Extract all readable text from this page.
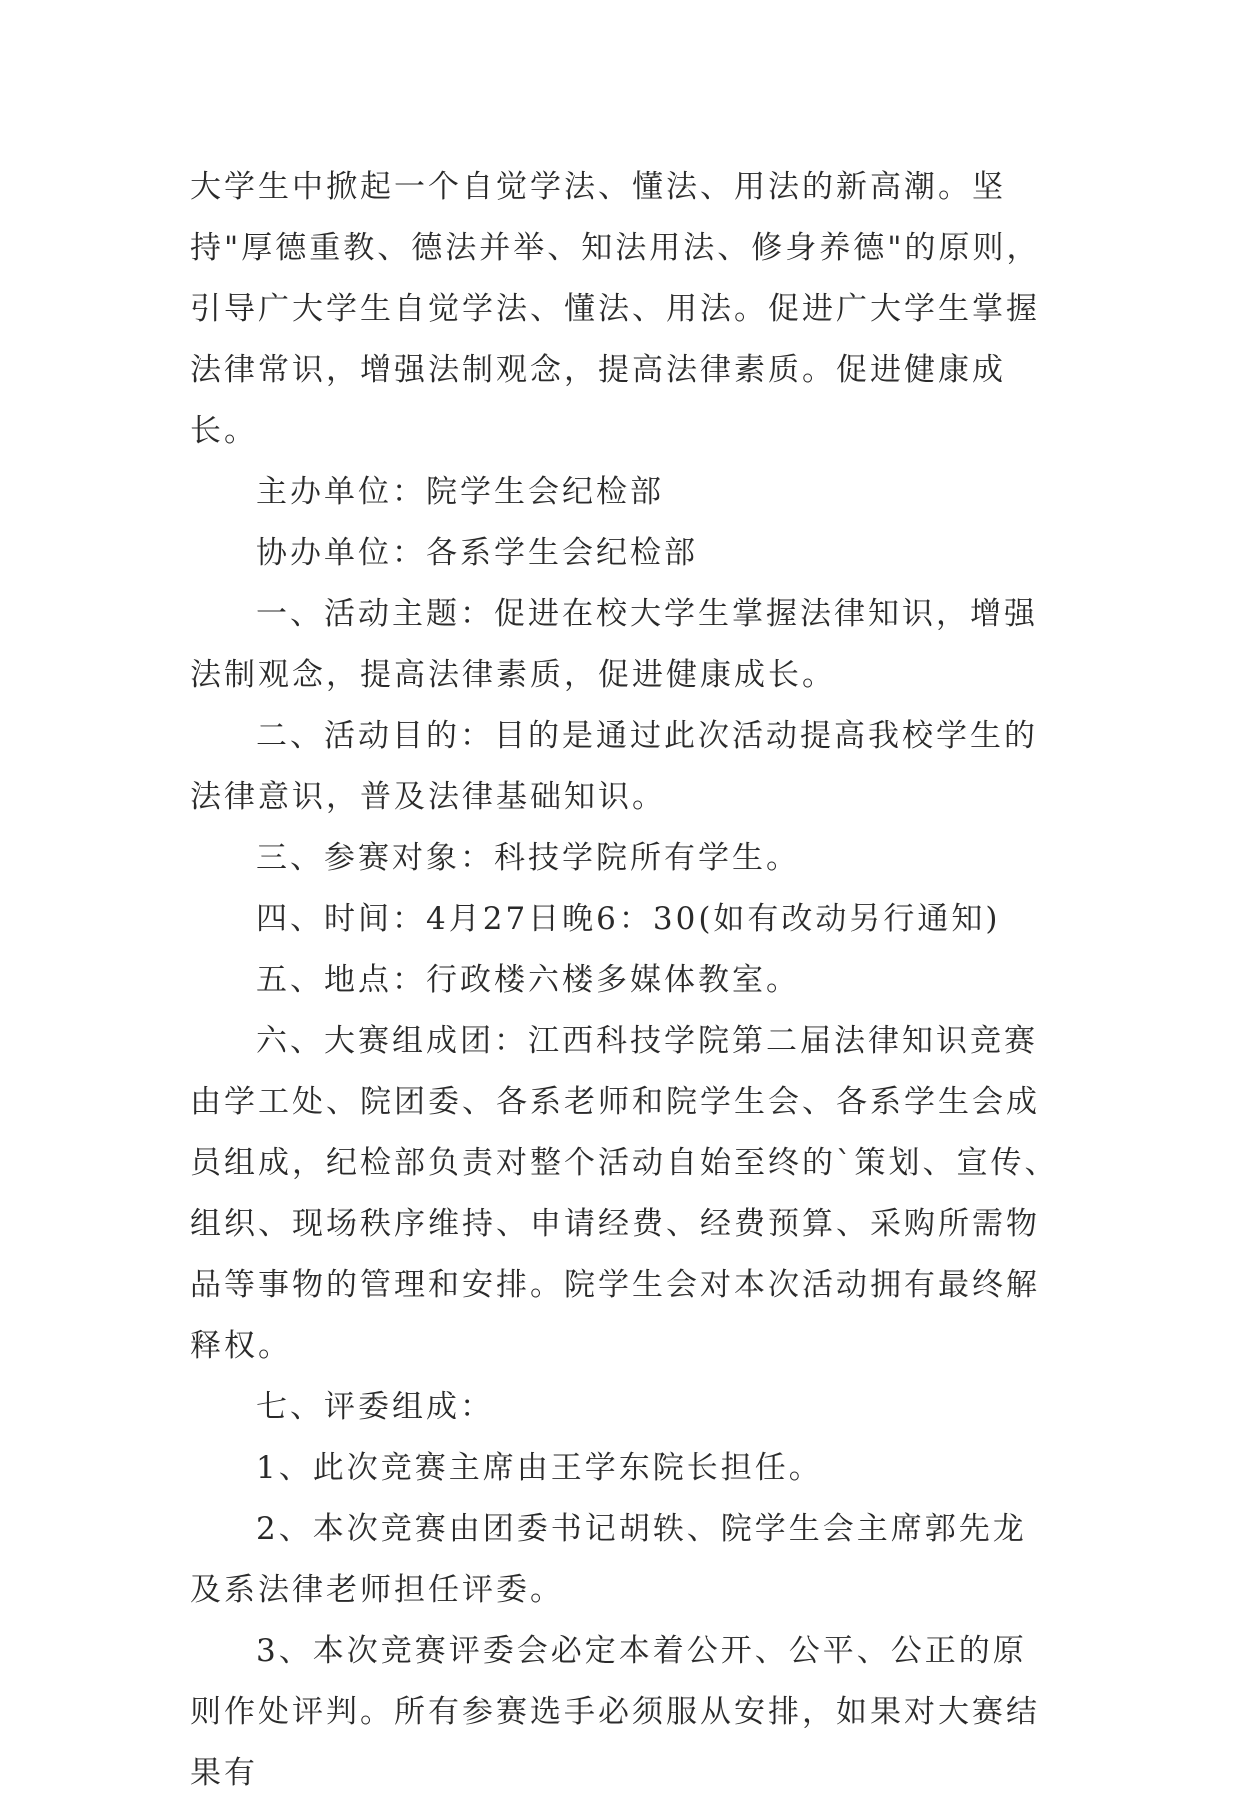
大学生中掀起一个自觉学法、懂法、用法的新高潮。坚持"厚德重教、德法并举、知法用法、修身养德"的原则，引导广大学生自觉学法、懂法、用法。促进广大学生掌握法律常识，增强法制观念，提高法律素质。促进健康成长。

主办单位：院学生会纪检部

协办单位：各系学生会纪检部

一、活动主题：促进在校大学生掌握法律知识，增强法制观念，提高法律素质，促进健康成长。

二、活动目的：目的是通过此次活动提高我校学生的法律意识，普及法律基础知识。

三、参赛对象：科技学院所有学生。

四、时间：4月27日晚6：30(如有改动另行通知)

五、地点：行政楼六楼多媒体教室。

六、大赛组成团：江西科技学院第二届法律知识竞赛由学工处、院团委、各系老师和院学生会、各系学生会成员组成，纪检部负责对整个活动自始至终的`策划、宣传、组织、现场秩序维持、申请经费、经费预算、采购所需物品等事物的管理和安排。院学生会对本次活动拥有最终解释权。

七、评委组成：

1、此次竞赛主席由王学东院长担任。

2、本次竞赛由团委书记胡轶、院学生会主席郭先龙及系法律老师担任评委。

3、本次竞赛评委会必定本着公开、公平、公正的原则作处评判。所有参赛选手必须服从安排，如果对大赛结果有
